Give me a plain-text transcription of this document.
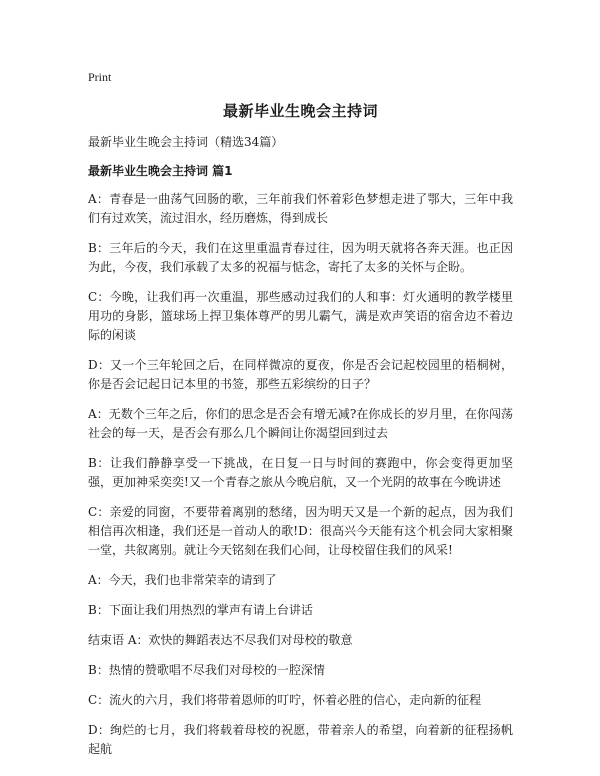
Print
最新毕业生晚会主持词
最新毕业生晚会主持词（精选34篇）
最新毕业生晚会主持词 篇1

A：青春是一曲荡气回肠的歌，三年前我们怀着彩色梦想走进了鄂大，三年中我们有过欢笑，流过泪水，经历磨炼，得到成长

B：三年后的今天，我们在这里重温青春过往，因为明天就将各奔天涯。也正因为此，今夜，我们承载了太多的祝福与惦念，寄托了太多的关怀与企盼。

C：今晚，让我们再一次重温，那些感动过我们的人和事：灯火通明的教学楼里用功的身影，篮球场上捍卫集体尊严的男儿霸气，满是欢声笑语的宿舍边不着边际的闲谈

D：又一个三年轮回之后，在同样微凉的夏夜，你是否会记起校园里的梧桐树，你是否会记起日记本里的书签，那些五彩缤纷的日子？

A：无数个三年之后，你们的思念是否会有增无减?在你成长的岁月里，在你闯荡社会的每一天，是否会有那么几个瞬间让你渴望回到过去

B：让我们静静享受一下挑战，在日复一日与时间的赛跑中，你会变得更加坚强，更加神采奕奕!又一个青春之旅从今晚启航，又一个光阴的故事在今晚讲述

C：亲爱的同窗，不要带着离别的愁绪，因为明天又是一个新的起点，因为我们相信再次相逢，我们还是一首动人的歌!D：很高兴今天能有这个机会同大家相聚一堂，共叙离别。就让今天铭刻在我们心间，让母校留住我们的风采!

A：今天，我们也非常荣幸的请到了

B：下面让我们用热烈的掌声有请上台讲话

结束语 A：欢快的舞蹈表达不尽我们对母校的敬意

B：热情的赞歌唱不尽我们对母校的一腔深情

C：流火的六月，我们将带着恩师的叮咛，怀着必胜的信心，走向新的征程

D：绚烂的七月，我们将载着母校的祝愿，带着亲人的希望，向着新的征程扬帆起航
